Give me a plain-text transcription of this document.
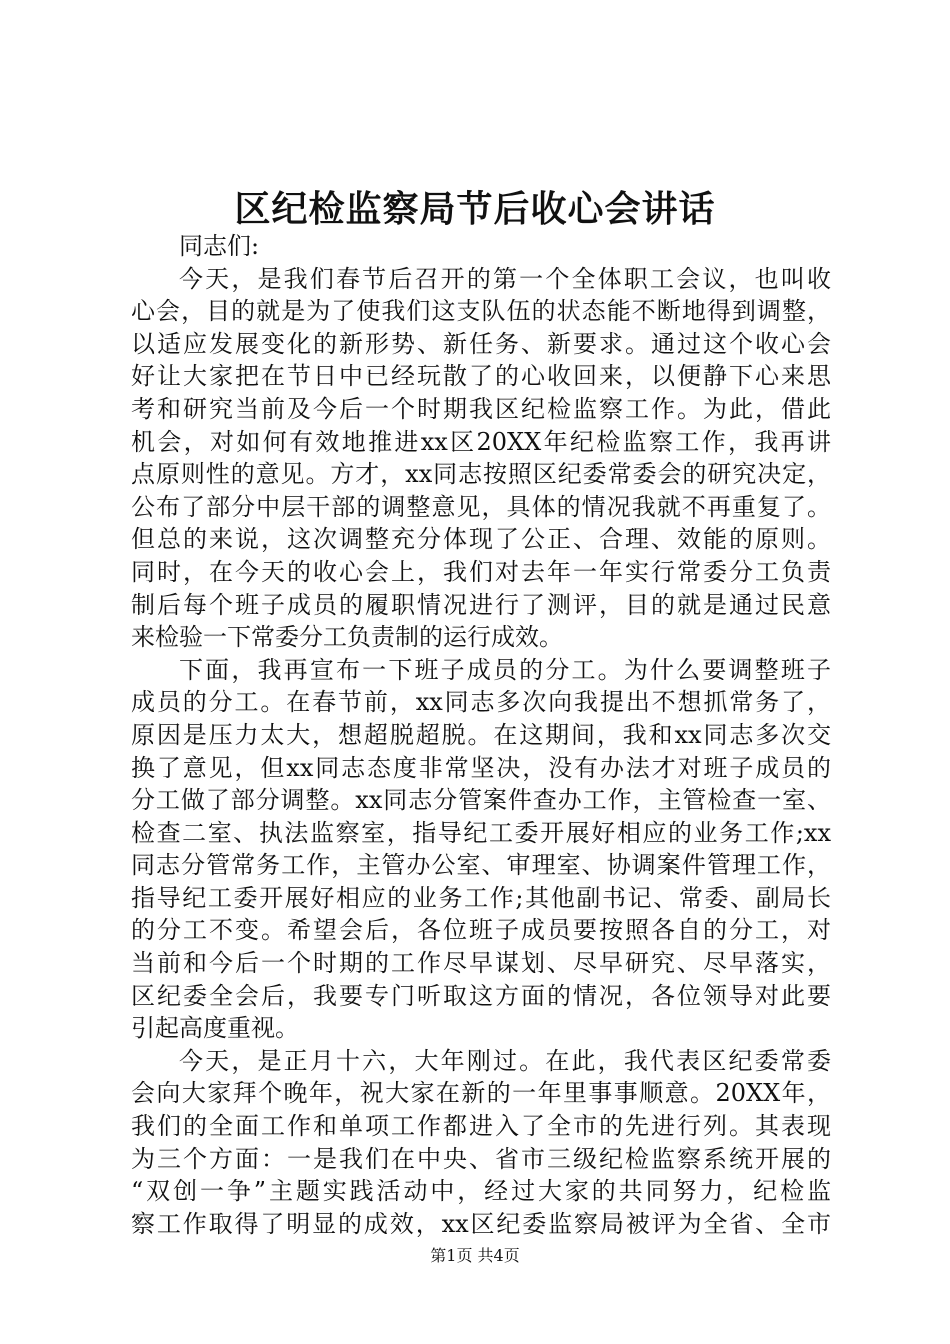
区纪检监察局节后收心会讲话
同志们:
今天，是我们春节后召开的第一个全体职工会议，也叫收
心会，目的就是为了使我们这支队伍的状态能不断地得到调整，
以适应发展变化的新形势、新任务、新要求。通过这个收心会
好让大家把在节日中已经玩散了的心收回来，以便静下心来思
考和研究当前及今后一个时期我区纪检监察工作。为此，借此
机会，对如何有效地推进xx区20XX年纪检监察工作，我再讲
点原则性的意见。方才，xx同志按照区纪委常委会的研究决定，
公布了部分中层干部的调整意见，具体的情况我就不再重复了。
但总的来说，这次调整充分体现了公正、合理、效能的原则。
同时，在今天的收心会上，我们对去年一年实行常委分工负责
制后每个班子成员的履职情况进行了测评，目的就是通过民意
来检验一下常委分工负责制的运行成效。
下面，我再宣布一下班子成员的分工。为什么要调整班子
成员的分工。在春节前，xx同志多次向我提出不想抓常务了，
原因是压力太大，想超脱超脱。在这期间，我和xx同志多次交
换了意见，但xx同志态度非常坚决，没有办法才对班子成员的
分工做了部分调整。xx同志分管案件查办工作，主管检查一室、
检查二室、执法监察室，指导纪工委开展好相应的业务工作;xx
同志分管常务工作，主管办公室、审理室、协调案件管理工作，
指导纪工委开展好相应的业务工作;其他副书记、常委、副局长
的分工不变。希望会后，各位班子成员要按照各自的分工，对
当前和今后一个时期的工作尽早谋划、尽早研究、尽早落实，
区纪委全会后，我要专门听取这方面的情况，各位领导对此要
引起高度重视。
今天，是正月十六，大年刚过。在此，我代表区纪委常委
会向大家拜个晚年，祝大家在新的一年里事事顺意。20XX年，
我们的全面工作和单项工作都进入了全市的先进行列。其表现
为三个方面：一是我们在中央、省市三级纪检监察系统开展的
“双创一争”主题实践活动中，经过大家的共同努力，纪检监
察工作取得了明显的成效，xx区纪委监察局被评为全省、全市
第1页 共4页
